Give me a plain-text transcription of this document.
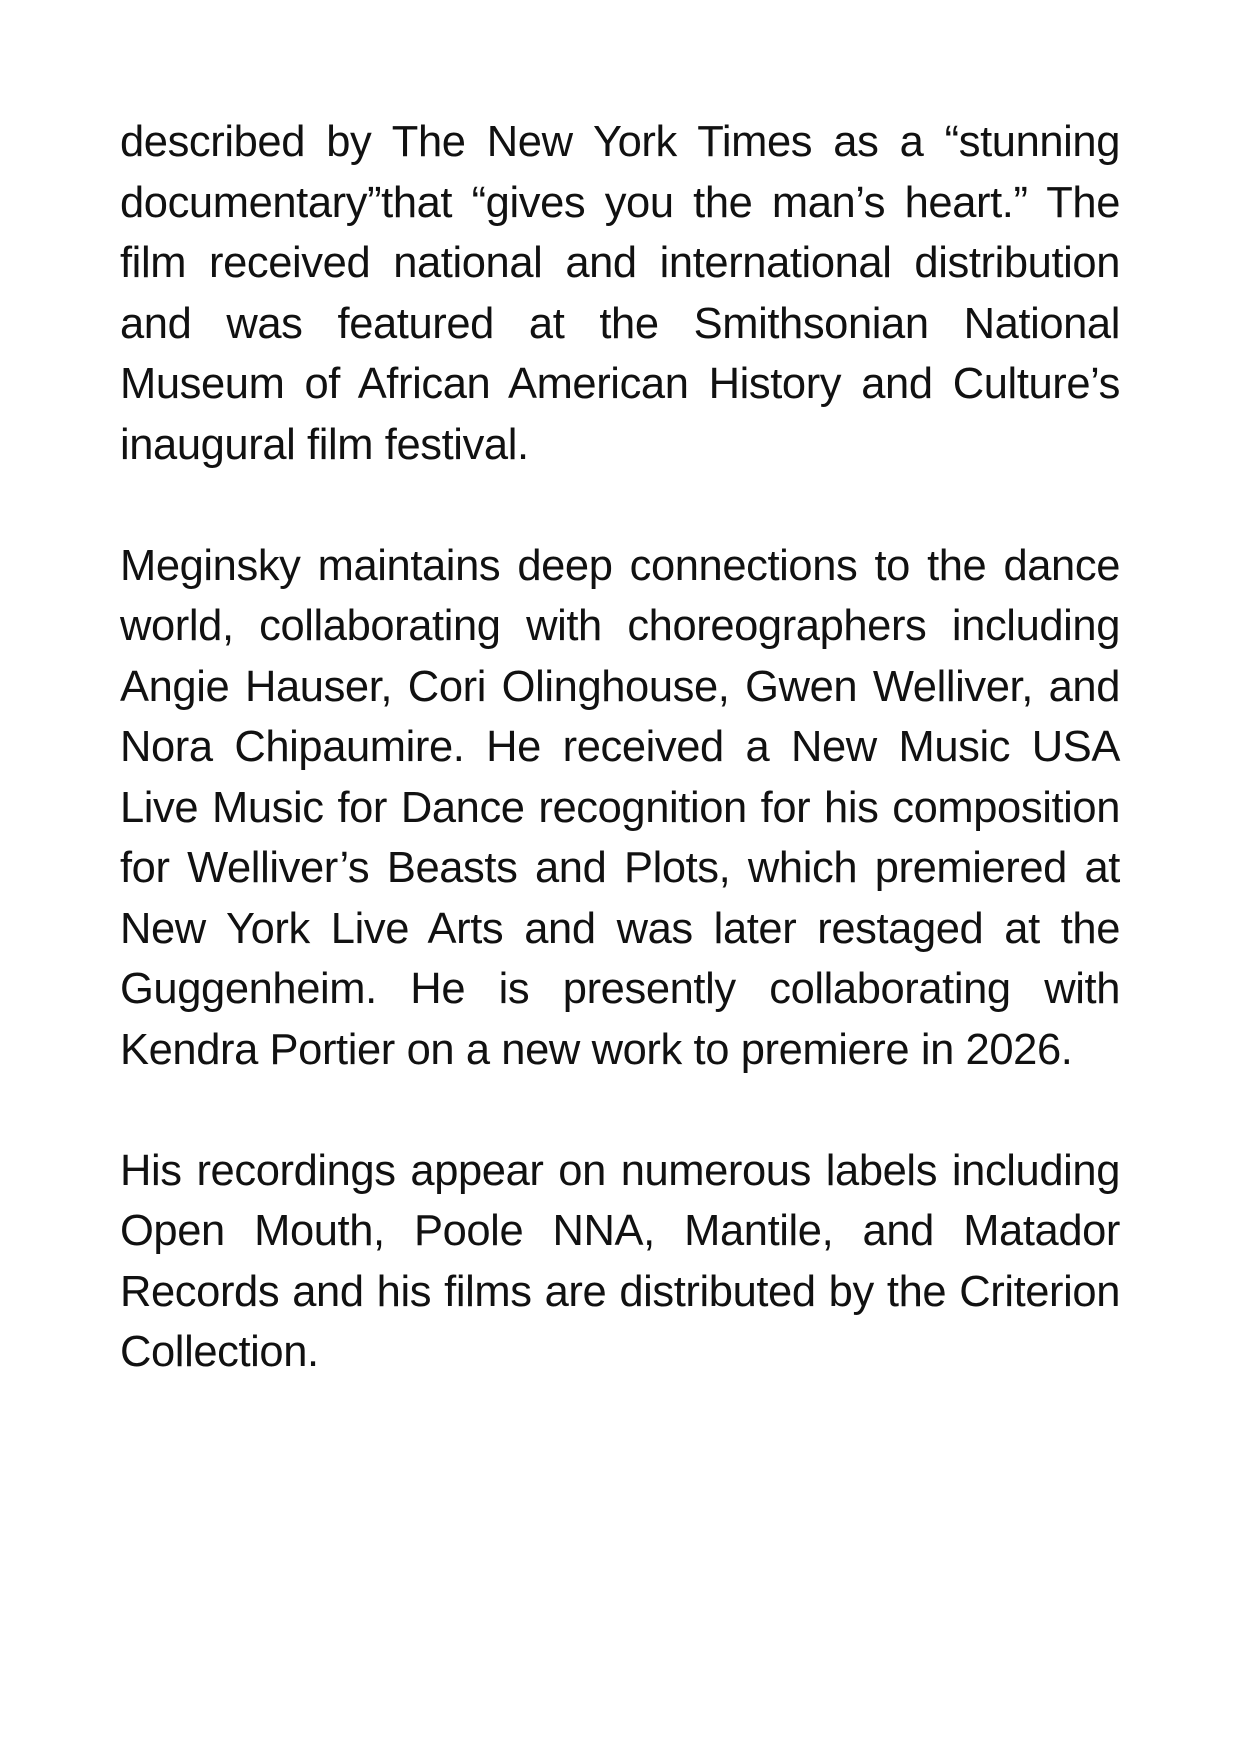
described by The New York Times as a “stunning documentary”that “gives you the man’s heart.” The film received national and international distribution and was featured at the Smithsonian National Museum of African American History and Culture’s inaugural film festival.

Meginsky maintains deep connections to the dance world, collaborating with choreographers including Angie Hauser, Cori Olinghouse, Gwen Welliver, and Nora Chipaumire. He received a New Music USA Live Music for Dance recognition for his composition for Welliver’s Beasts and Plots, which premiered at New York Live Arts and was later restaged at the Guggenheim. He is presently collaborating with Kendra Portier on a new work to premiere in 2026.

His recordings appear on numerous labels including Open Mouth, Poole NNA, Mantile, and Matador Records and his films are distributed by the Criterion Collection.
